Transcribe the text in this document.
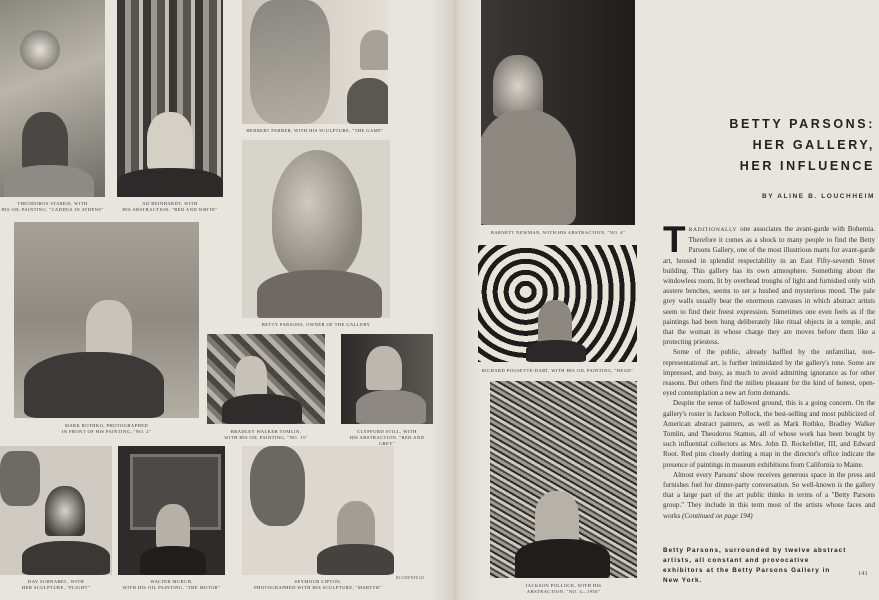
THEODOROS STAMOS, WITH
HIS OIL PAINTING, "CADDUS IN ATHENS"
AD REINHARDT, WITH
HIS ABSTRACTION, "RED AND WHITE"
HERBERT FERBER, WITH HIS SCULPTURE, "THE GAME"
BETTY PARSONS, OWNER OF THE GALLERY
MARK ROTHKO, PHOTOGRAPHED
IN FRONT OF HIS PAINTING, "NO. 2"	BRADLEY WALKER TOMLIN,
WITH HIS OIL PAINTING, "NO. 15"
CLYFFORD STILL, WITH
HIS ABSTRACTION, "RED AND GREY"
DAY SCHNABEL, WITH
HER SCULPTURE, "FLIGHT"
WALTER MURCH,
WITH HIS OIL PAINTING, "THE MOTOR"
SEYMOUR LIPTON,
PHOTOGRAPHED WITH HIS SCULPTURE, "MARTYR"
BLUMENFELD
BARNETT NEWMAN, WITH HIS ABSTRACTION, "NO. 4"
RICHARD POUSETTE-DART, WITH HIS OIL PAINTING, "HEAD"
JACKSON POLLOCK, WITH HIS
ABSTRACTION, "NO. 4—1950"
BETTY PARSONS:
HER GALLERY,
HER INFLUENCE
BY ALINE B. LOUCHHEIM

TRADITIONALLY one associates the avant-garde with Bohemia. Therefore it comes as a shock to many people to find the Betty Parsons Gallery, one of the most illustrious marts for avant-garde art, housed in splendid respectability in an East Fifty-seventh Street building. This gallery has its own atmosphere. Something about the windowless room, lit by overhead troughs of light and furnished only with austere benches, seems to set a hushed and mysterious mood. The pale grey walls usually bear the enormous canvases in which abstract artists seem to find their freest expression. Sometimes one even feels as if the paintings had been hung deliberately like ritual objects in a temple, and that the woman in whose charge they are moves before them like a protecting priestess.

Some of the public, already baffled by the unfamiliar, non-representational art, is further intimidated by the gallery's tone. Some are impressed, and busy, as much to avoid admitting ignorance as for other reasons. But others find the milieu pleasant for the kind of honest, open-eyed contemplation a new art form demands.

Despite the sense of hallowed ground, this is a going concern. On the gallery's roster is Jackson Pollock, the best-selling and most publicized of American abstract painters, as well as Mark Rothko, Bradley Walker Tomlin, and Theodoros Stamos, all of whose work has been bought by such influential collectors as Mrs. John D. Rockefeller, III, and Edward Root. Red pins closely dotting a map in the director's office indicate the presence of paintings in museum exhibitions from California to Maine.

Almost every Parsons' show receives generous space in the press and furnishes fuel for dinner-party conversation. So well-known is the gallery that a large part of the art public thinks in terms of a "Betty Parsons group." They include in this term most of the artists whose faces and works (Continued on page 194)

Betty Parsons, surrounded by twelve abstract artists, all constant and provocative exhibitors at the Betty Parsons Gallery in New York.
141
